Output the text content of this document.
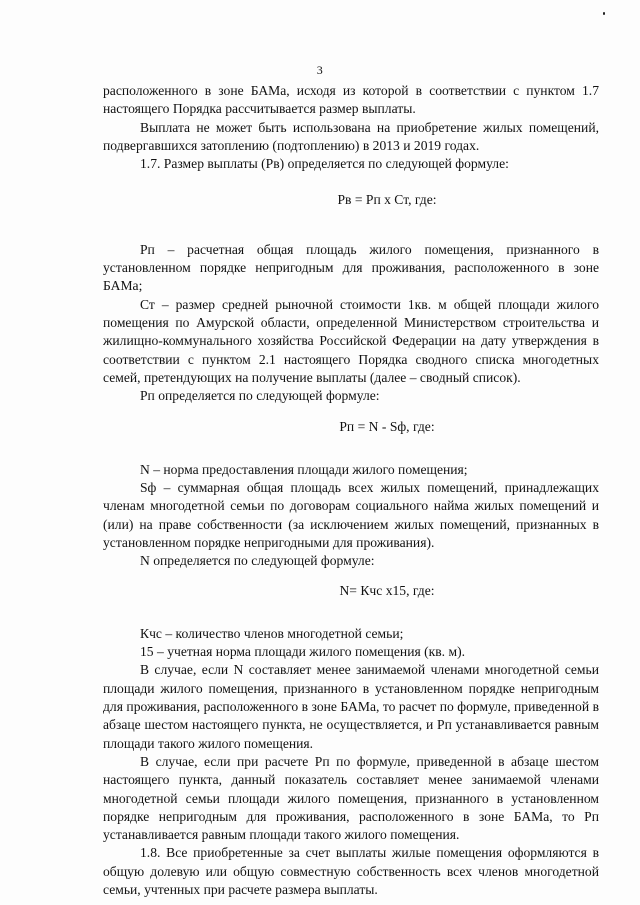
3

расположенного в зоне БАМа, исходя из которой в соответствии с пунктом 1.7 настоящего Порядка рассчитывается размер выплаты.

Выплата не может быть использована на приобретение жилых помещений, подвергавшихся затоплению (подтоплению) в 2013 и 2019 годах.

1.7. Размер выплаты (Рв) определяется по следующей формуле:

Рв = Рп х Ст, где:

Рп – расчетная общая площадь жилого помещения, признанного в установленном порядке непригодным для проживания, расположенного в зоне БАМа;

Ст – размер средней рыночной стоимости 1кв. м общей площади жилого помещения по Амурской области, определенной Министерством строительства и жилищно-коммунального хозяйства Российской Федерации на дату утверждения в соответствии с пунктом 2.1 настоящего Порядка сводного списка многодетных семей, претендующих на получение выплаты (далее – сводный список).

Рп определяется по следующей формуле:

Рп = N - Sф, где:

N – норма предоставления площади жилого помещения;

Sф – суммарная общая площадь всех жилых помещений, принадлежащих членам многодетной семьи по договорам социального найма жилых помещений и (или) на праве собственности (за исключением жилых помещений, признанных в установленном порядке непригодными для проживания).

N определяется по следующей формуле:

N= Кчс х15, где:

Кчс – количество членов многодетной семьи;

15 – учетная норма площади жилого помещения (кв. м).

В случае, если N составляет менее занимаемой членами многодетной семьи площади жилого помещения, признанного в установленном порядке непригодным для проживания, расположенного в зоне БАМа, то расчет по формуле, приведенной в абзаце шестом настоящего пункта, не осуществляется, и Рп устанавливается равным площади такого жилого помещения.

В случае, если при расчете Рп по формуле, приведенной в абзаце шестом настоящего пункта, данный показатель составляет менее занимаемой членами многодетной семьи площади жилого помещения, признанного в установленном порядке непригодным для проживания, расположенного в зоне БАМа, то Рп устанавливается равным площади такого жилого помещения.

1.8. Все приобретенные за счет выплаты жилые помещения оформляются в общую долевую или общую совместную собственность всех членов многодетной семьи, учтенных при расчете размера выплаты.
